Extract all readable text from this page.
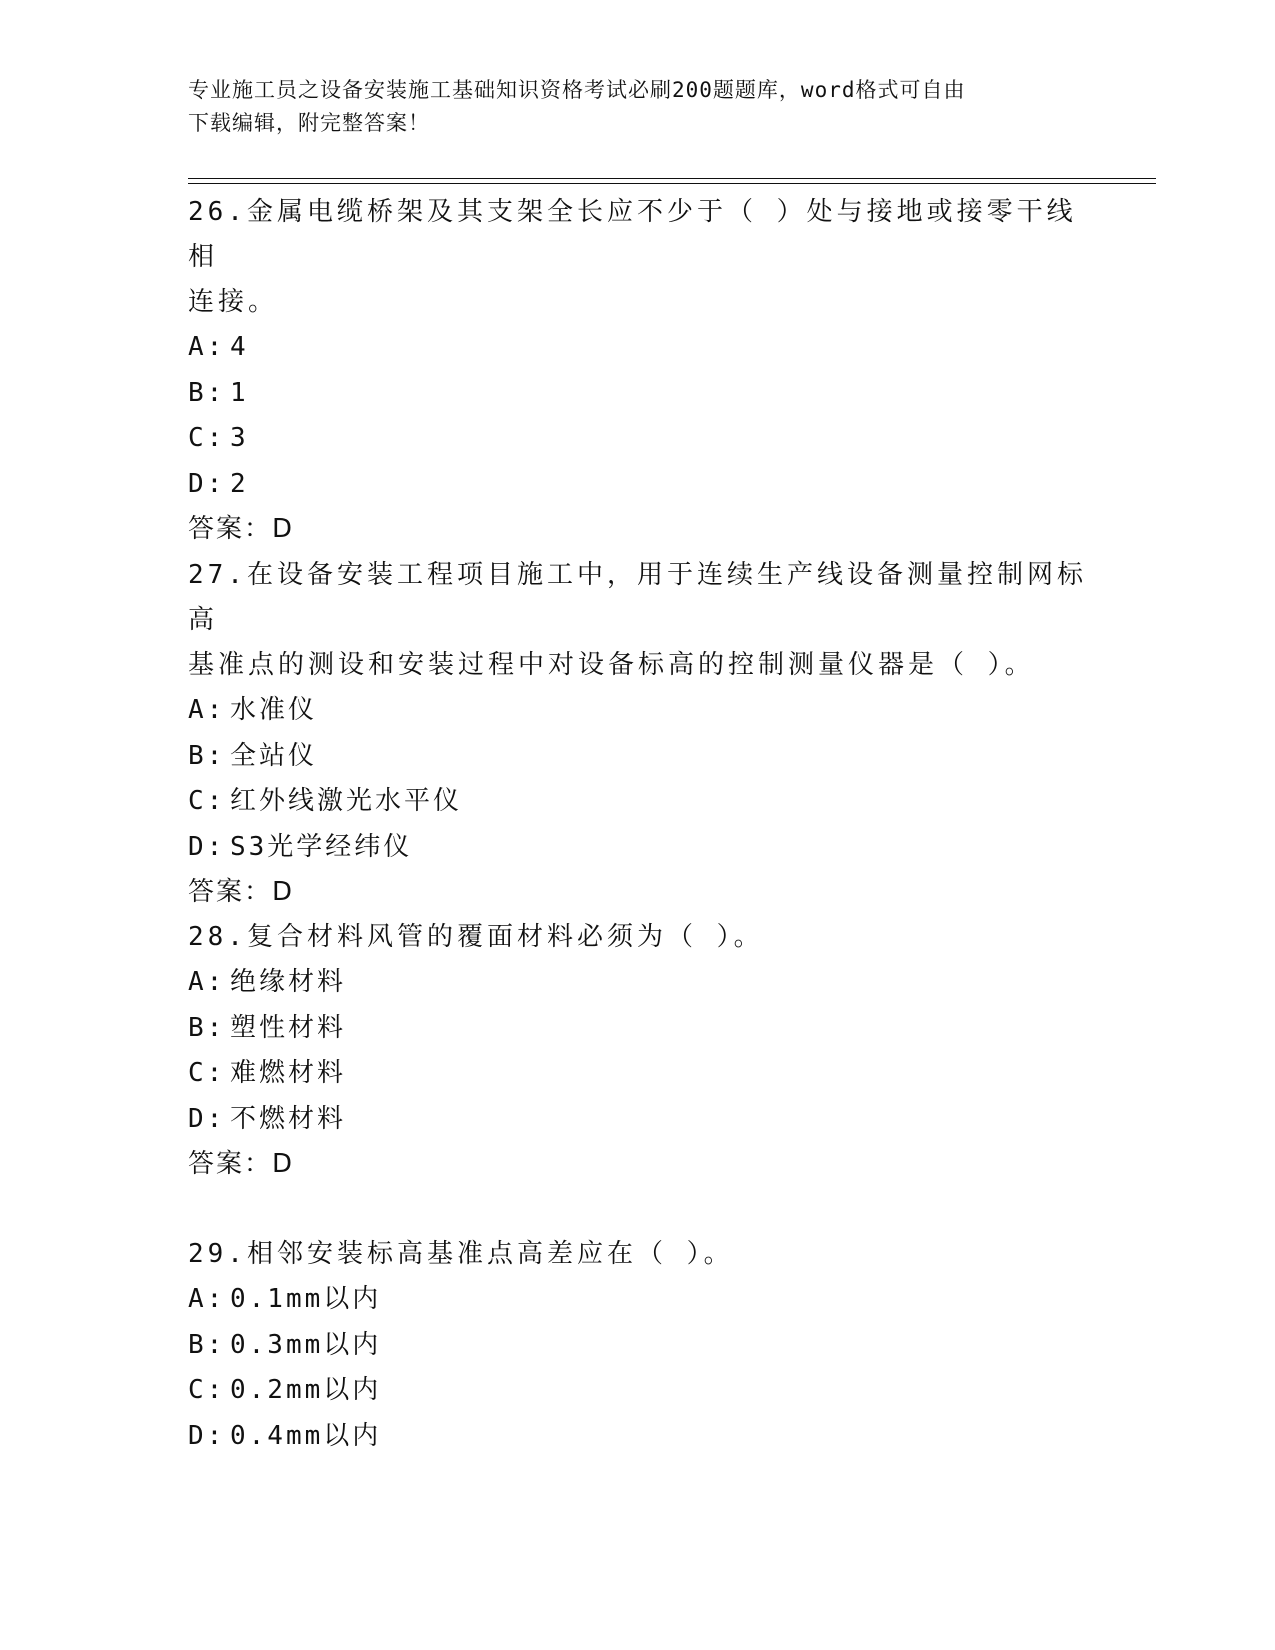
专业施工员之设备安装施工基础知识资格考试必刷200题题库，word格式可自由
下载编辑，附完整答案！
26.金属电缆桥架及其支架全长应不少于（ ）处与接地或接零干线相
连接。
A: 4
B: 1
C: 3
D: 2
答案：D
27.在设备安装工程项目施工中，用于连续生产线设备测量控制网标高
基准点的测设和安装过程中对设备标高的控制测量仪器是（ ）。
A: 水准仪
B: 全站仪
C: 红外线激光水平仪
D: S3光学经纬仪
答案：D
28.复合材料风管的覆面材料必须为（ ）。
A: 绝缘材料
B: 塑性材料
C: 难燃材料
D: 不燃材料
答案：D
29.相邻安装标高基准点高差应在（ ）。
A: 0.1mm以内
B: 0.3mm以内
C: 0.2mm以内
D: 0.4mm以内
